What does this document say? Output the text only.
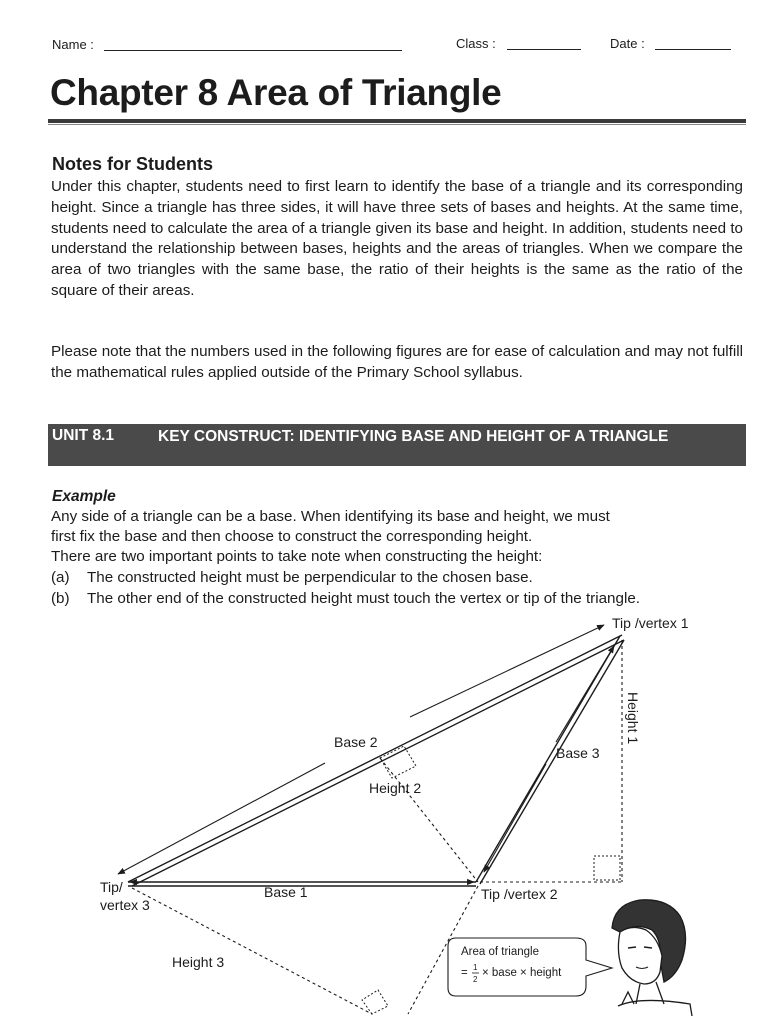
Name :	Class :	Date :
Chapter 8 Area of Triangle
Notes for Students
Under this chapter, students need to first learn to identify the base of a triangle and its corresponding height. Since a triangle has three sides, it will have three sets of bases and heights. At the same time, students need to calculate the area of a triangle given its base and height. In addition, students need to understand the relationship between bases, heights and the areas of triangles. When we compare the area of two triangles with the same base, the ratio of their heights is the same as the ratio of the square of their areas.
Please note that the numbers used in the following figures are for ease of calculation and may not fulfill the mathematical rules applied outside of the Primary School syllabus.
UNIT 8.1	KEY CONSTRUCT: IDENTIFYING BASE AND HEIGHT OF A TRIANGLE
Example
Any side of a triangle can be a base. When identifying its base and height, we must
first fix the base and then choose to construct the corresponding height.
There are two important points to take note when constructing the height:
(a) The constructed height must be perpendicular to the chosen base.
(b) The other end of the constructed height must touch the vertex or tip of the triangle.
Tip /vertex 1
Tip /vertex 2
Tip/
vertex 3
Base 1
Base 2
Base 3
Height 1
Height 2
Height 3
Area of triangle
= 1
2
× base × height
